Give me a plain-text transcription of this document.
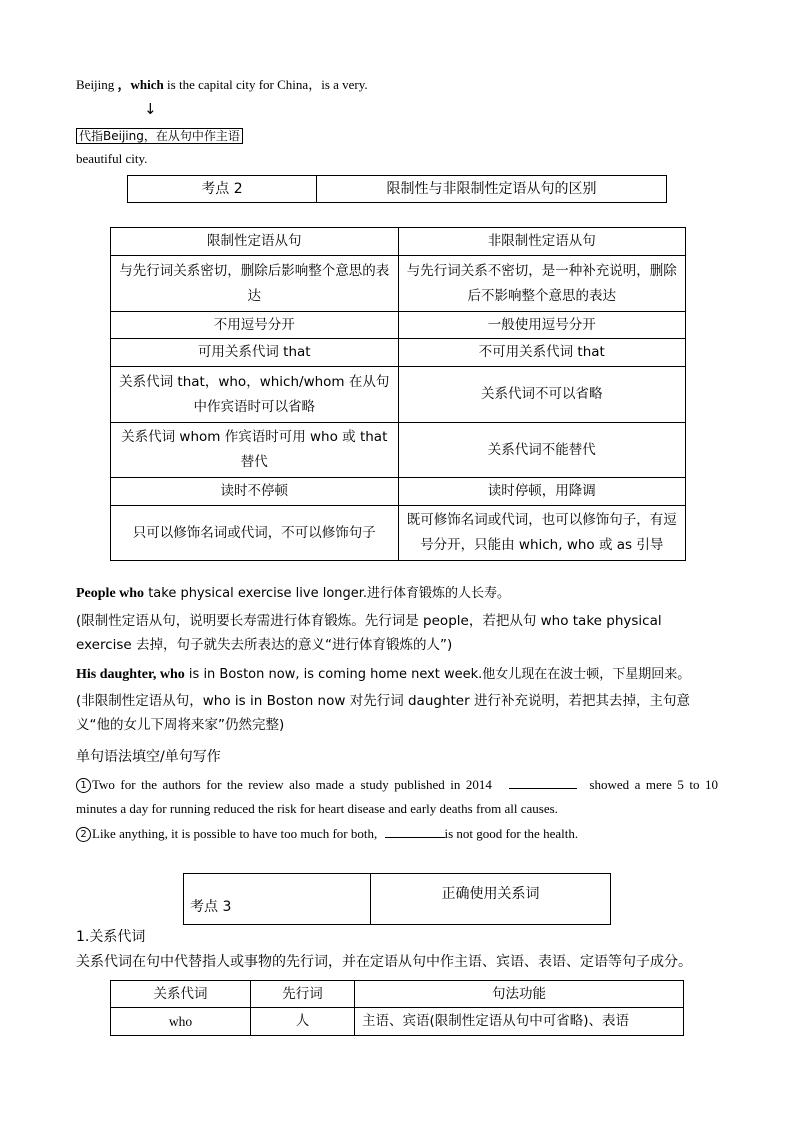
Beijing ，which is the capital city for China，is a very.
↓
代指Beijing，在从句中作主语
beautiful city.
考点 2	限制性与非限制性定语从句的区别
限制性定语从句	非限制性定语从句
与先行词关系密切，删除后影响整个意思的表达	与先行词关系不密切，是一种补充说明，删除后不影响整个意思的表达
不用逗号分开	一般使用逗号分开
可用关系代词 that	不可用关系代词 that
关系代词 that，who，which/whom 在从句中作宾语时可以省略	关系代词不可以省略
关系代词 whom 作宾语时可用 who 或 that 替代	关系代词不能替代
读时不停顿	读时停顿，用降调
只可以修饰名词或代词，不可以修饰句子	既可修饰名词或代词，也可以修饰句子，有逗号分开，只能由 which, who 或 as 引导
People who take physical exercise live longer.进行体育锻炼的人长寿。
(限制性定语从句，说明要长寿需进行体育锻炼。先行词是 people，若把从句 who take physical exercise 去掉，句子就失去所表达的意义“进行体育锻炼的人”)
His daughter, who is in Boston now, is coming home next week.他女儿现在在波士顿，下星期回来。
(非限制性定语从句，who is in Boston now 对先行词 daughter 进行补充说明，若把其去掉，主句意义“他的女儿下周将来家”仍然完整)
单句语法填空/单句写作
1 Two for the authors for the review also made a study published in 2014	showed a mere 5 to 10 minutes a day for running reduced the risk for heart disease and early deaths from all causes.
2 Like anything, it is possible to have too much for both,	is not good for the health.
考点 3	正确使用关系词
1.关系代词
关系代词在句中代替指人或事物的先行词，并在定语从句中作主语、宾语、表语、定语等句子成分。
关系代词	先行词	句法功能
who	人	主语、宾语(限制性定语从句中可省略)、表语
